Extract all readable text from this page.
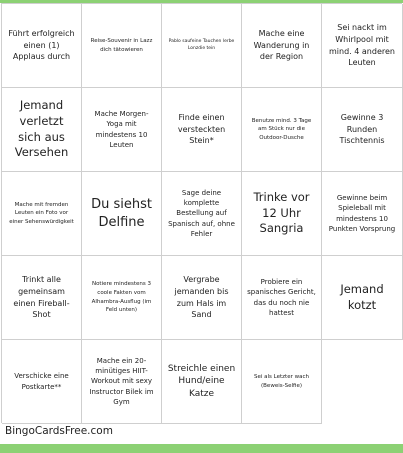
Führt erfolgreich einen (1) Applaus durch
Reise-Souvenir in Lazz dich tätowieren
Pablo saufeine Tauchen lerbe Lonzdie tein
Mache eine Wanderung in der Region
Sei nackt im Whirlpool mit mind. 4 anderen Leuten
Jemand verletzt sich aus Versehen
Mache Morgen-Yoga mit mindestens 10 Leuten
Finde einen versteckten Stein*
Benutze mind. 3 Tage am Stück nur die Outdoor-Dusche
Gewinne 3 Runden Tischtennis
Mache mit fremden Leuten ein Foto vor einer Sehenswürdigkeit
Du siehst Delfine
Sage deine komplette Bestellung auf Spanisch auf, ohne Fehler
Trinke vor 12 Uhr Sangria
Gewinne beim Spieleball mit mindestens 10 Punkten Vorsprung
Trinkt alle gemeinsam einen Fireball-Shot
Notiere mindestens 3 coole Fakten vom Alhambra-Ausflug (im Feld unten)
Vergrabe jemanden bis zum Hals im Sand
Probiere ein spanisches Gericht, das du noch nie hattest
Jemand kotzt
Verschicke eine Postkarte**
Mache ein 20-minütiges HIIT-Workout mit sexy Instructor Bilek im Gym
Streichle einen Hund/eine Katze
Sei als Letzter wach (Beweis-Selfie)
BingoCardsFree.com
